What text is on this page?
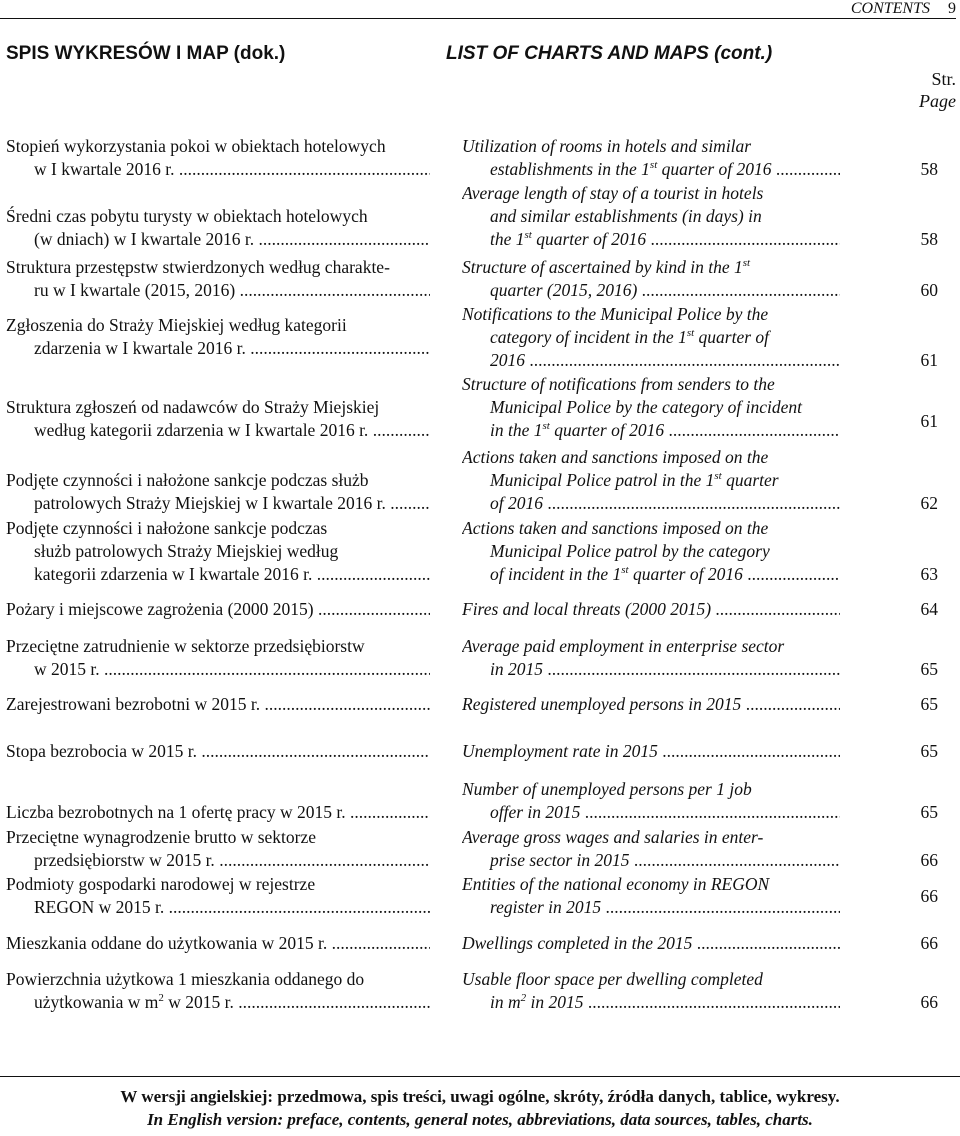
CONTENTS 9
SPIS WYKRESÓW I MAP (dok.)	LIST OF CHARTS AND MAPS (cont.)
Str.
Page
Stopień wykorzystania pokoi w obiektach hotelowych
w I kwartale 2016 r. .....
Utilization of rooms in hotels and similar
establishments in the 1st quarter of 2016 .....	58
Średni czas pobytu turysty w obiektach hotelowych
(w dniach) w I kwartale 2016 r. .....
Average length of stay of a tourist in hotels
and similar establishments (in days) in
the 1st quarter of 2016 .....	58
Struktura przestępstw stwierdzonych według charakte-
ru w I kwartale (2015, 2016) .....
Structure of ascertained by kind in the 1st
quarter (2015, 2016) .....	60
Zgłoszenia do Straży Miejskiej według kategorii
zdarzenia w I kwartale 2016 r. .....
Notifications to the Municipal Police by the
category of incident in the 1st quarter of
2016 .....	61
Struktura zgłoszeń od nadawców do Straży Miejskiej
według kategorii zdarzenia w I kwartale 2016 r. .....
Structure of notifications from senders to the
Municipal Police by the category of incident
in the 1st quarter of 2016 .....	61
Podjęte czynności i nałożone sankcje podczas służb
patrolowych Straży Miejskiej w I kwartale 2016 r. .....
Actions taken and sanctions imposed on the
Municipal Police patrol in the 1st quarter
of 2016 .....	62
Podjęte czynności i nałożone sankcje podczas
służb patrolowych Straży Miejskiej według
kategorii zdarzenia w I kwartale 2016 r. .....
Actions taken and sanctions imposed on the
Municipal Police patrol by the category
of incident in the 1st quarter of 2016 .....	63
Pożary i miejscowe zagrożenia (2000 2015) .....	Fires and local threats (2000 2015) .....	64
Przeciętne zatrudnienie w sektorze przedsiębiorstw
w 2015 r. .....
Average paid employment in enterprise sector
in 2015 .....	65
Zarejestrowani bezrobotni w 2015 r. .....	Registered unemployed persons in 2015 .....	65
Stopa bezrobocia w 2015 r. .....	Unemployment rate in 2015 .....	65
Liczba bezrobotnych na 1 ofertę pracy w 2015 r. .....
Number of unemployed persons per 1 job
offer in 2015 .....	65
Przeciętne wynagrodzenie brutto w sektorze
przedsiębiorstw w 2015 r. .....
Average gross wages and salaries in enter-
prise sector in 2015 .....	66
Podmioty gospodarki narodowej w rejestrze
REGON w 2015 r. .....
Entities of the national economy in REGON
register in 2015 .....
66
Mieszkania oddane do użytkowania w 2015 r. .....	Dwellings completed in the 2015 .....	66
Powierzchnia użytkowa 1 mieszkania oddanego do
użytkowania w $m^2$ w 2015 r. .....
Usable floor space per dwelling completed
in $m^2$ in 2015 .....	66
W wersji angielskiej: przedmowa, spis treści, uwagi ogólne, skróty, źródła danych, tablice, wykresy.
In English version: preface, contents, general notes, abbreviations, data sources, tables, charts.
